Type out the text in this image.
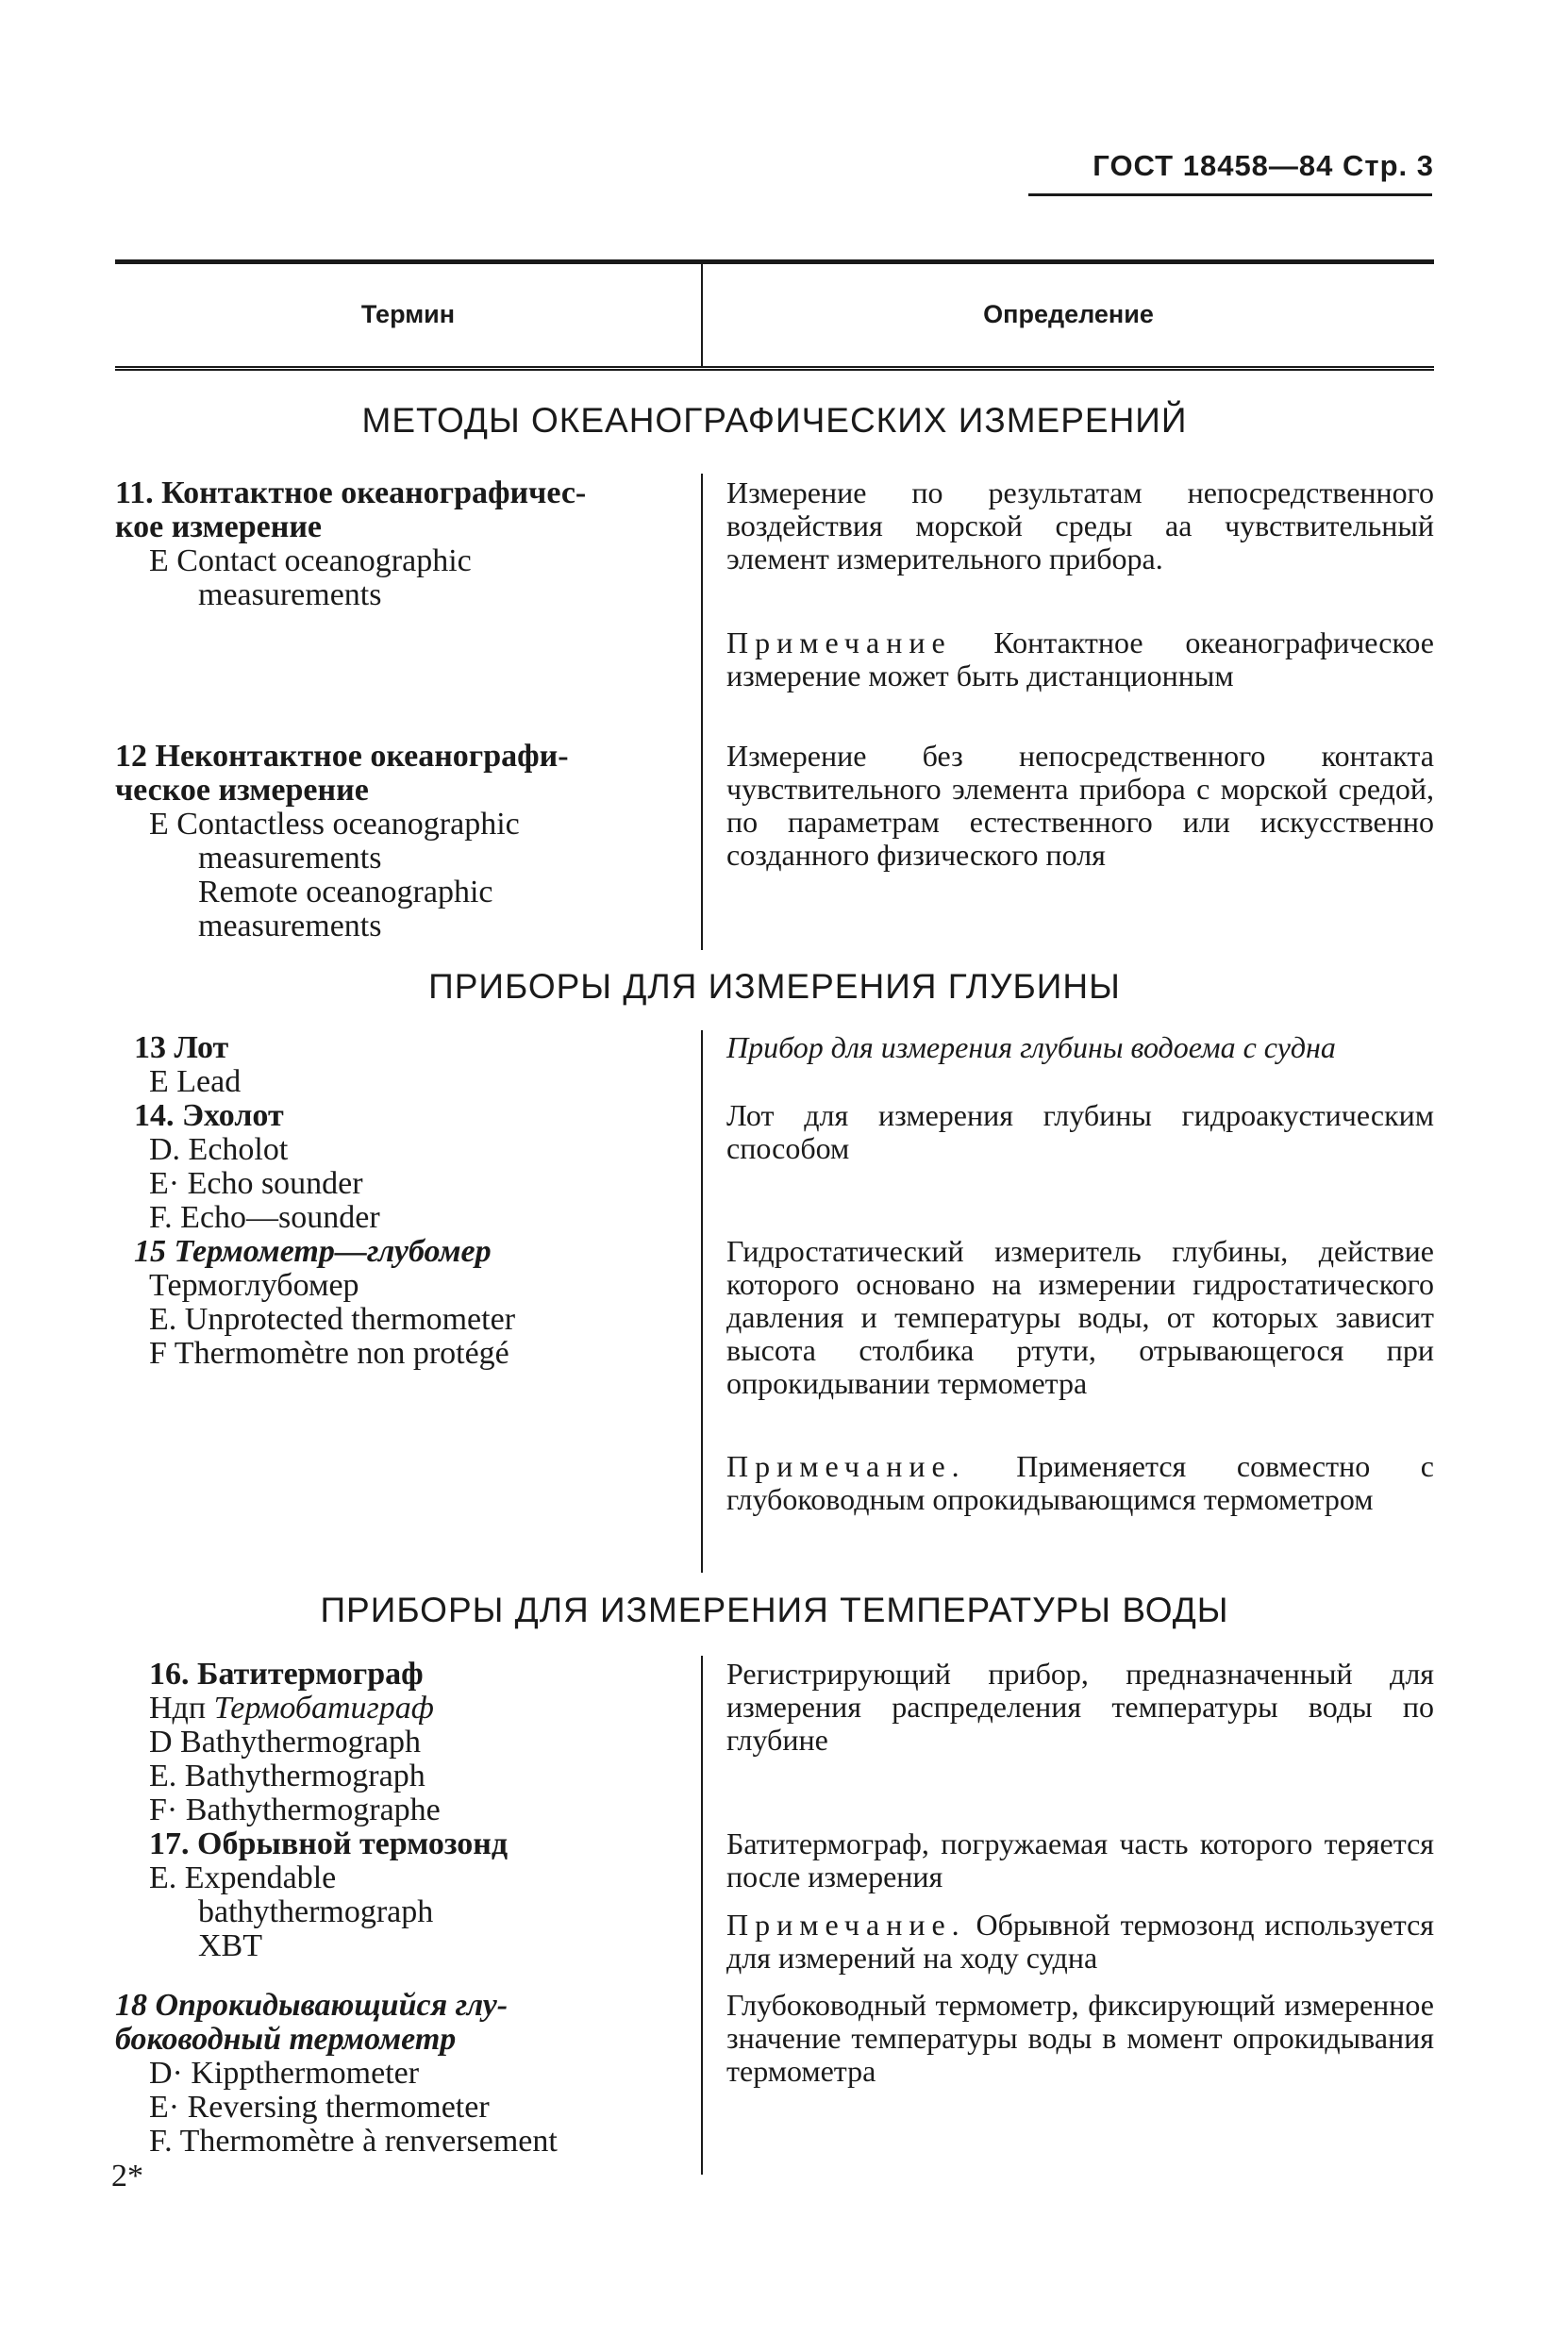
ГОСТ 18458—84 Стр. 3
Термин	Определение
МЕТОДЫ ОКЕАНОГРАФИЧЕСКИХ ИЗМЕРЕНИЙ
11. Контактное океанографичес-
кое измерение
E Contact oceanographic
measurements
Измерение по результатам непосредственного воздействия морской среды аа чувствительный элемент измерительного прибора.
Примечание Контактное океанографическое измерение может быть дистанционным
12 Неконтактное океанографи-
ческое измерение
E Contactless oceanographic
measurements
Remote oceanographic
measurements
Измерение без непосредственного контакта чувствительного элемента прибора с морской средой, по параметрам естественного или искусственно созданного физического поля
ПРИБОРЫ ДЛЯ ИЗМЕРЕНИЯ ГЛУБИНЫ
13 Лот
E Lead
Прибор для измерения глубины водоема с судна
14. Эхолот
D. Echolot
E· Echo sounder
F. Echo—sounder
Лот для измерения глубины гидроакустическим способом
15 Термометр—глубомер
Термоглубомер
E. Unprotected thermometer
F Thermomètre non protégé
Гидростатический измеритель глубины, действие которого основано на измерении гидростатического давления и температуры воды, от которых зависит высота столбика ртути, отрывающегося при опрокидывании термометра
Примечание. Применяется совместно с глубоководным опрокидывающимся термометром
ПРИБОРЫ ДЛЯ ИЗМЕРЕНИЯ ТЕМПЕРАТУРЫ ВОДЫ
16. Батитермограф
Ндп Термобатиграф
D Bathythermograph
E. Bathythermograph
F· Bathythermographe
Регистрирующий прибор, предназначенный для измерения распределения температуры воды по глубине
17. Обрывной термозонд
E. Expendable
bathythermograph
XBT
Батитермограф, погружаемая часть которого теряется после измерения
Примечание. Обрывной термозонд используется для измерений на ходу судна
18 Опрокидывающийся глу-
боководный термометр
D· Kippthermometer
E· Reversing thermometer
F. Thermomètre à renversement
Глубоководный термометр, фиксирующий измеренное значение температуры воды в момент опрокидывания термометра
2*
